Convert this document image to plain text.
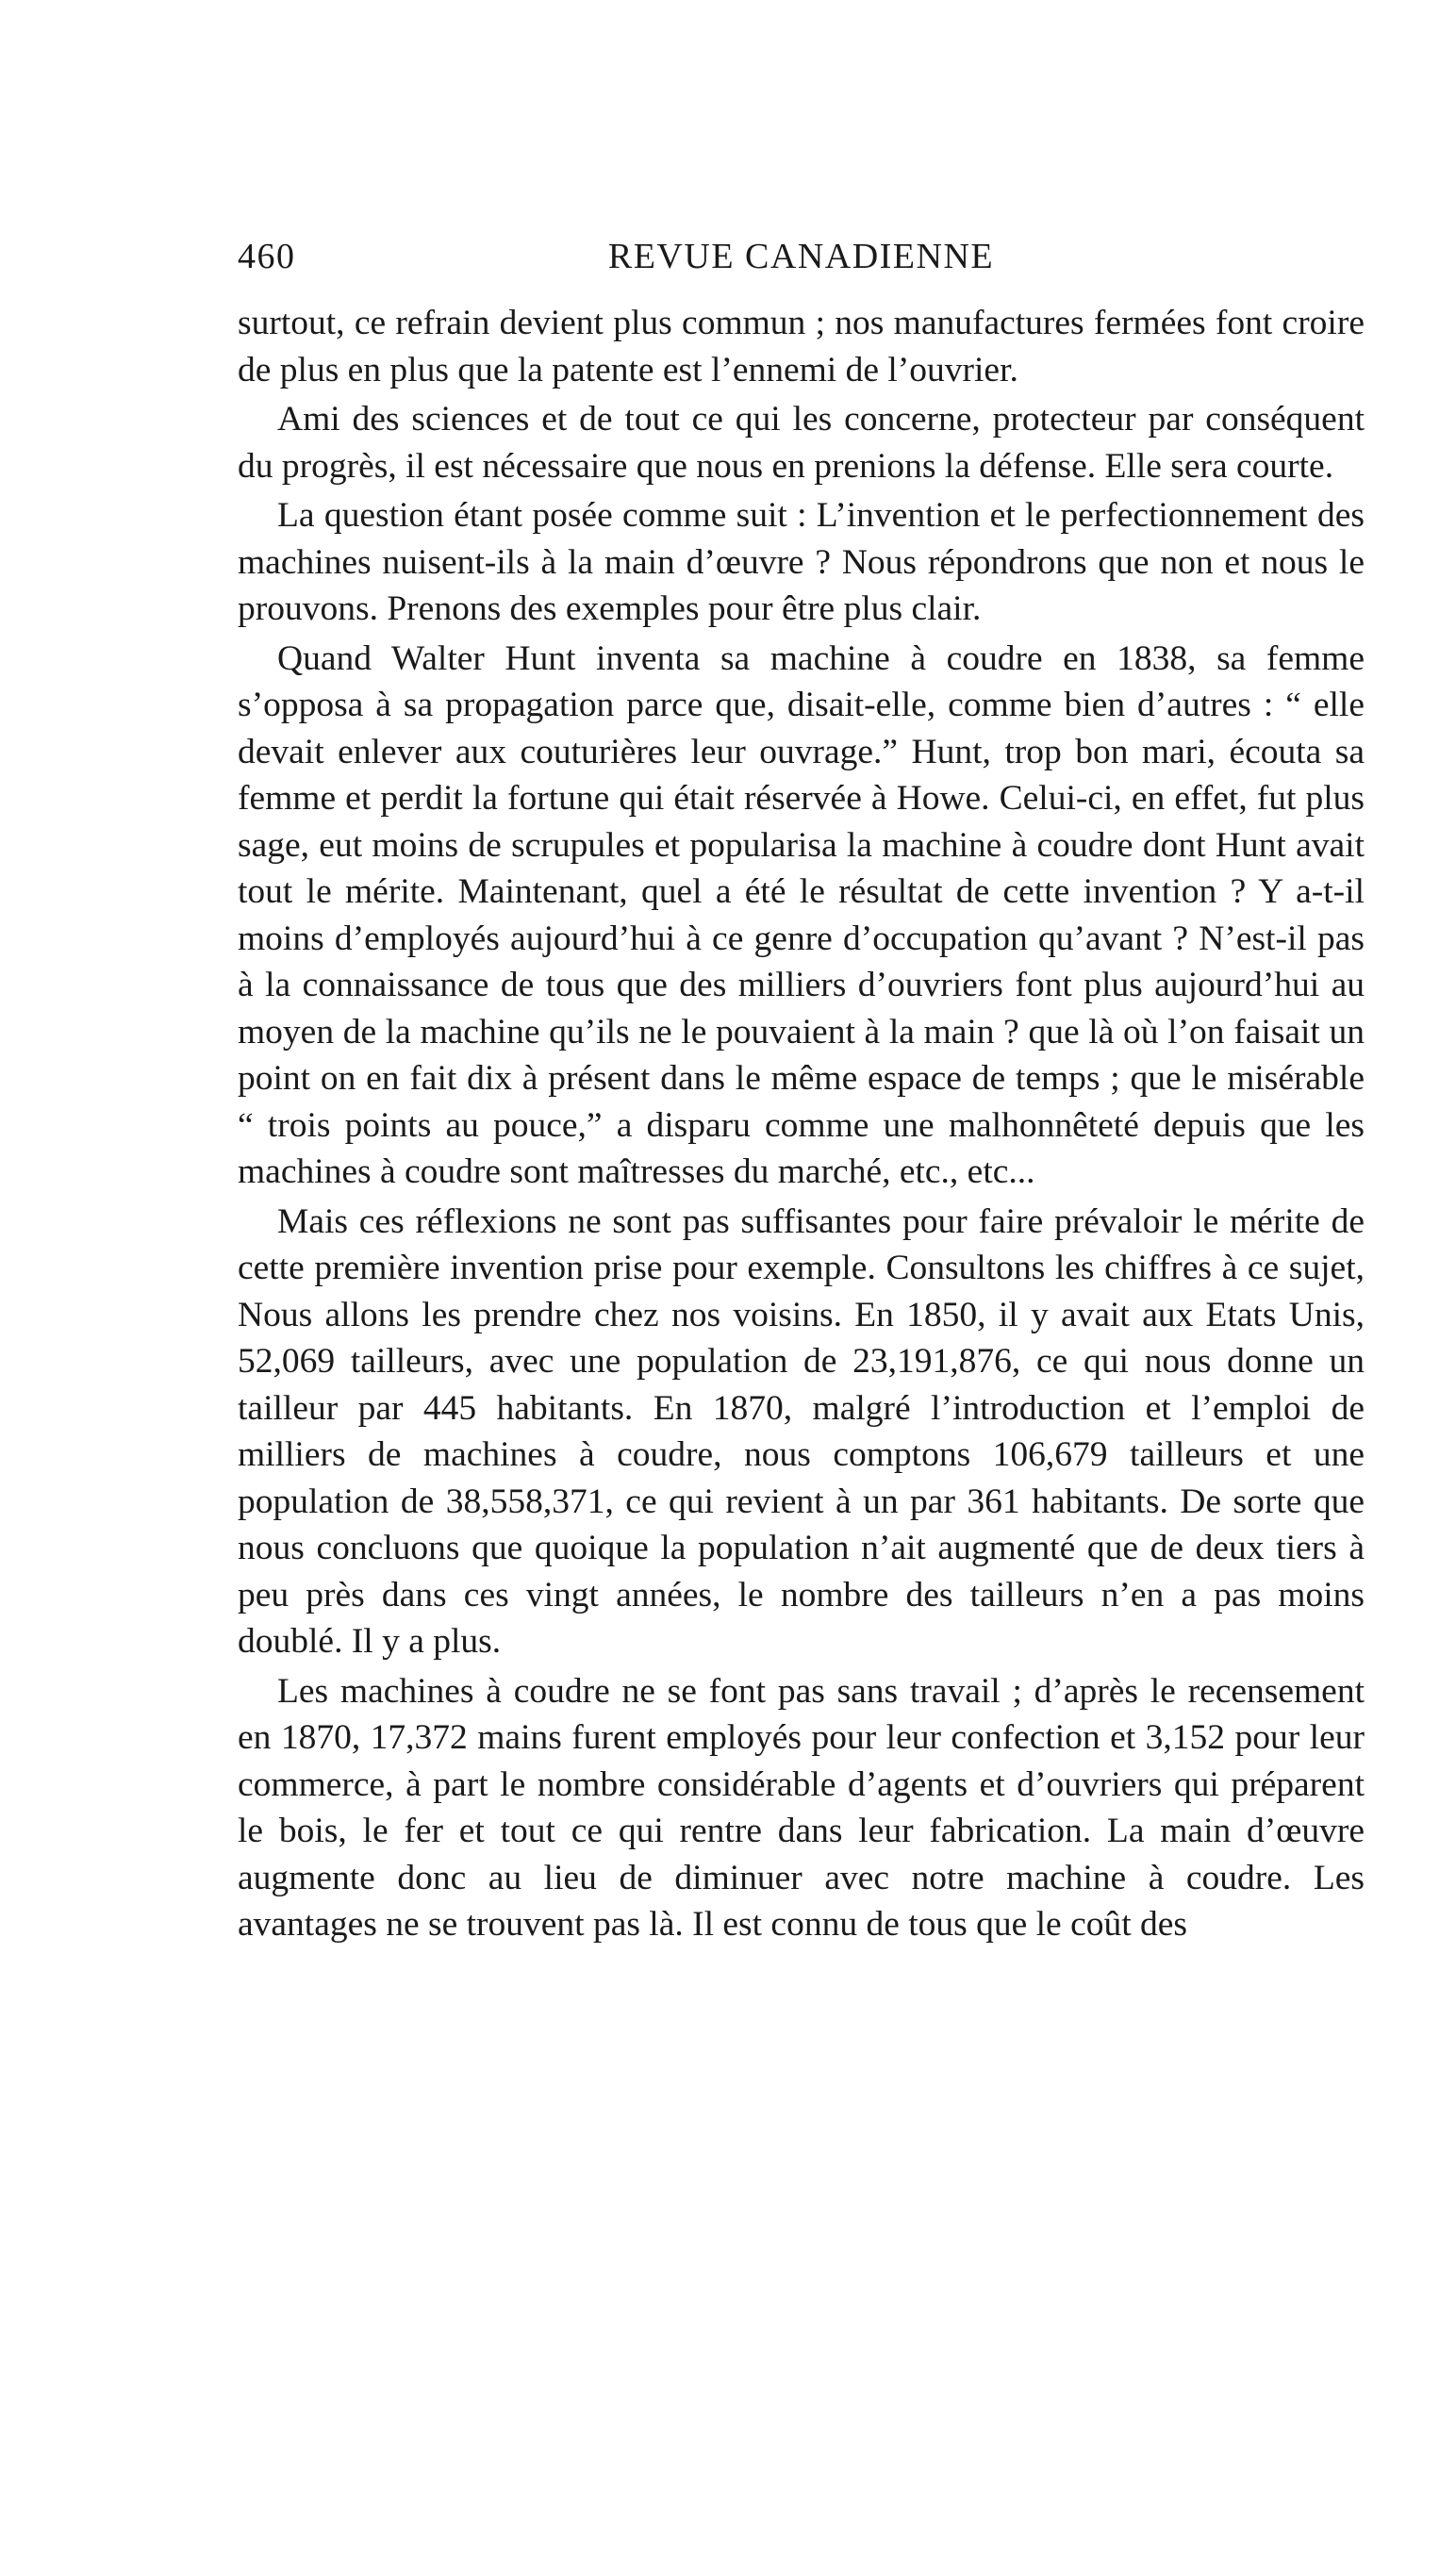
460	REVUE CANADIENNE

surtout, ce refrain devient plus commun ; nos manufactures fermées font croire de plus en plus que la patente est l’ennemi de l’ouvrier.

Ami des sciences et de tout ce qui les concerne, protecteur par conséquent du progrès, il est nécessaire que nous en prenions la défense. Elle sera courte.

La question étant posée comme suit : L’invention et le perfectionnement des machines nuisent-ils à la main d’œuvre ? Nous répondrons que non et nous le prouvons. Prenons des exemples pour être plus clair.

Quand Walter Hunt inventa sa machine à coudre en 1838, sa femme s’opposa à sa propagation parce que, disait-elle, comme bien d’autres : “ elle devait enlever aux couturières leur ouvrage.” Hunt, trop bon mari, écouta sa femme et perdit la fortune qui était réservée à Howe. Celui-ci, en effet, fut plus sage, eut moins de scrupules et popularisa la machine à coudre dont Hunt avait tout le mérite. Maintenant, quel a été le résultat de cette invention ? Y a-t-il moins d’employés aujourd’hui à ce genre d’occupation qu’avant ? N’est-il pas à la connaissance de tous que des milliers d’ouvriers font plus aujourd’hui au moyen de la machine qu’ils ne le pouvaient à la main ? que là où l’on faisait un point on en fait dix à présent dans le même espace de temps ; que le misérable “ trois points au pouce,” a disparu comme une malhonnêteté depuis que les machines à coudre sont maîtresses du marché, etc., etc...

Mais ces réflexions ne sont pas suffisantes pour faire prévaloir le mérite de cette première invention prise pour exemple. Consultons les chiffres à ce sujet, Nous allons les prendre chez nos voisins. En 1850, il y avait aux Etats Unis, 52,069 tailleurs, avec une population de 23,191,876, ce qui nous donne un tailleur par 445 habitants. En 1870, malgré l’introduction et l’emploi de milliers de machines à coudre, nous comptons 106,679 tailleurs et une population de 38,558,371, ce qui revient à un par 361 habitants. De sorte que nous concluons que quoique la population n’ait augmenté que de deux tiers à peu près dans ces vingt années, le nombre des tailleurs n’en a pas moins doublé. Il y a plus.

Les machines à coudre ne se font pas sans travail ; d’après le recensement en 1870, 17,372 mains furent employés pour leur confection et 3,152 pour leur commerce, à part le nombre considérable d’agents et d’ouvriers qui préparent le bois, le fer et tout ce qui rentre dans leur fabrication. La main d’œuvre augmente donc au lieu de diminuer avec notre machine à coudre. Les avantages ne se trouvent pas là. Il est connu de tous que le coût des
